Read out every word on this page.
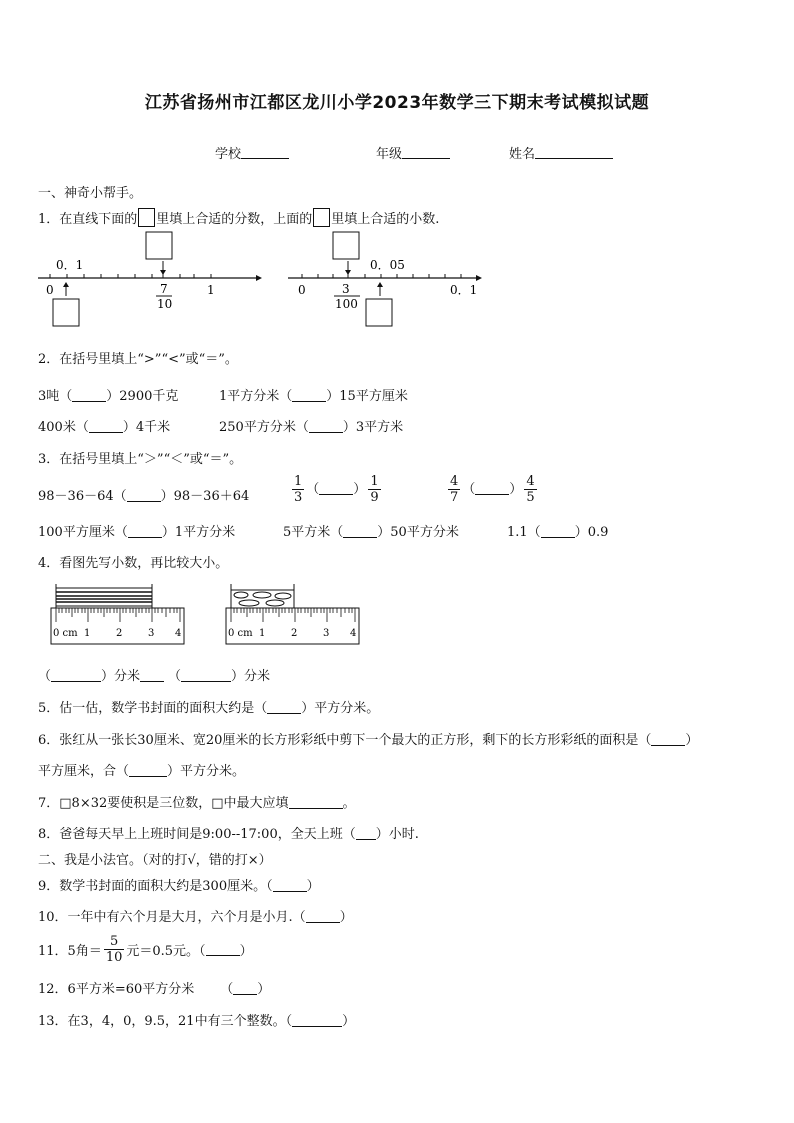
江苏省扬州市江都区龙川小学2023年数学三下期末考试模拟试题
学校	年级	姓名
一、神奇小帮手。
1．在直线下面的 里填上合适的分数，上面的 里填上合适的小数.
0．1
0	7
10
1
0．05
0	3
100
0．1
2．在括号里填上“>”“<”或“＝”。
3吨（	）2900千克	1平方分米（	）15平方厘米
400米（	）4千米	250平方分米（	）3平方米
3．在括号里填上“＞”“＜”或“＝”。
98－36－64（	）98－36＋64	$\frac{1}{3}$ （	） $\frac{1}{9}$	$\frac{4}{7}$ （	） $\frac{4}{5}$
100平方厘米（	）1平方分米	5平方米（	）50平方分米	1.1（	）0.9
4．看图先写小数，再比较大小。
0 cm 1	2	3 4	0 cm 1	2	3 4
（	）分米 （	）分米
5．估一估，数学书封面的面积大约是（	）平方分米。
6．张红从一张长30厘米、宽20厘米的长方形彩纸中剪下一个最大的正方形，剩下的长方形彩纸的面积是（	）
平方厘米，合（	）平方分米。
7．□8×32要使积是三位数，□中最大应填	。
8．爸爸每天早上上班时间是9:00--17:00，全天上班（ ）小时.
二、我是小法官。（对的打√，错的打×）
9．数学书封面的面积大约是300厘米。（	）
10．一年中有六个月是大月，六个月是小月.（	）
11．5角＝ $\frac{5}{10}$ 元＝0.5元。（	）
12．6平方米=60平方分米 （ ）
13．在3，4，0，9.5，21中有三个整数。（	）
